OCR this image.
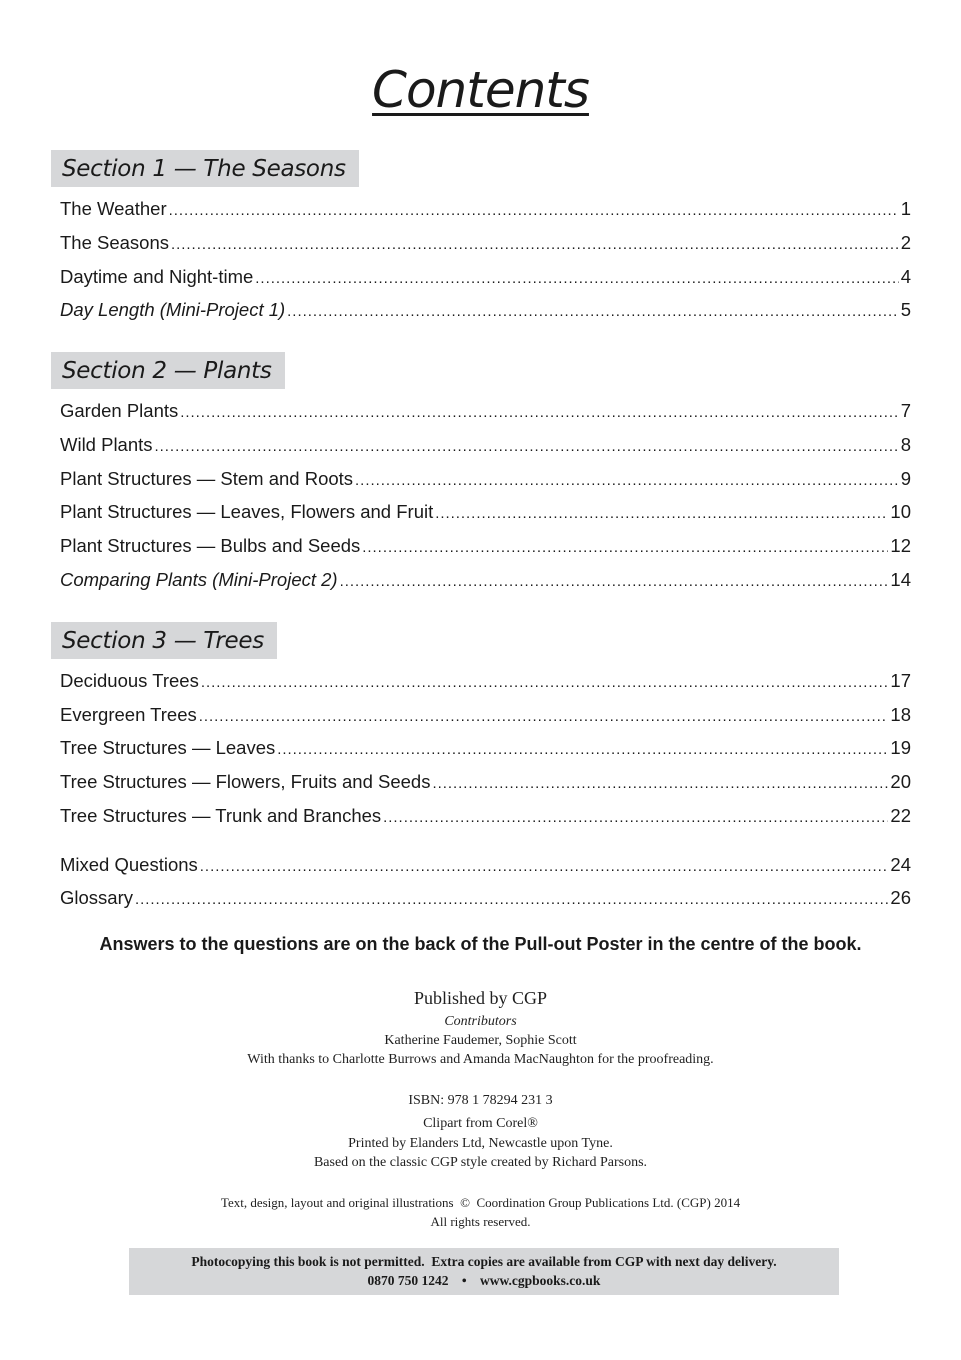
Contents
Section 1 — The Seasons
The Weather . . .	1
The Seasons . . .	2
Daytime and Night-time . . .	4
Day Length (Mini-Project 1) . . .	5
Section 2 — Plants
Garden Plants . . .	7
Wild Plants . . .	8
Plant Structures — Stem and Roots . . .	9
Plant Structures — Leaves, Flowers and Fruit . . .	10
Plant Structures — Bulbs and Seeds . . .	12
Comparing Plants (Mini-Project 2) . . .	14
Section 3 — Trees
Deciduous Trees . . .	17
Evergreen Trees . . .	18
Tree Structures — Leaves . . .	19
Tree Structures — Flowers, Fruits and Seeds . . .	20
Tree Structures — Trunk and Branches . . .	22
Mixed Questions . . .	24
Glossary . . .	26
Answers to the questions are on the back of the Pull-out Poster in the centre of the book.
Published by CGP
Contributors
Katherine Faudemer, Sophie Scott
With thanks to Charlotte Burrows and Amanda MacNaughton for the proofreading.
ISBN: 978 1 78294 231 3
Clipart from Corel®
Printed by Elanders Ltd, Newcastle upon Tyne.
Based on the classic CGP style created by Richard Parsons.
Text, design, layout and original illustrations  ©  Coordination Group Publications Ltd. (CGP) 2014
All rights reserved.
Photocopying this book is not permitted.  Extra copies are available from CGP with next day delivery.
0870 750 1242 • www.cgpbooks.co.uk
